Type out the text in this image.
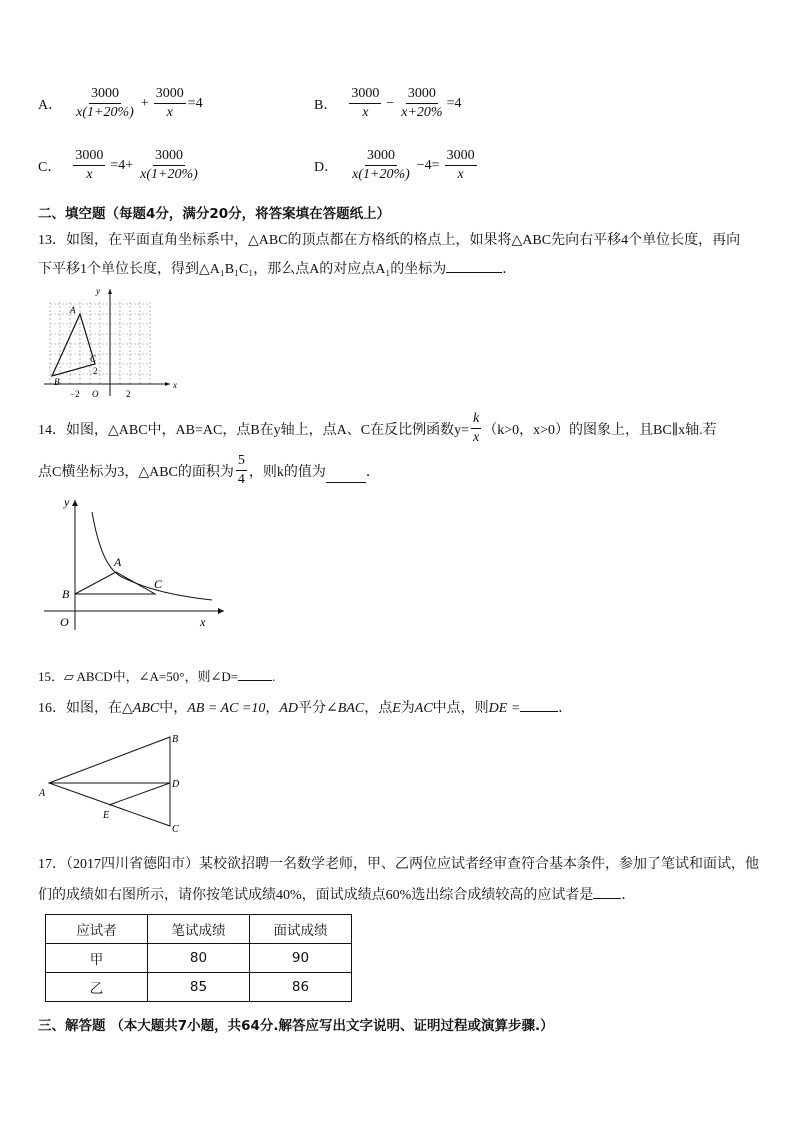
A． $\frac{3000}{x(1+20\%)} + \frac{3000}{x} =4$	B． $\frac{3000}{x} - \frac{3000}{x+20\%} =4$
C． $\frac{3000}{x} =4+ \frac{3000}{x(1+20\%)}$	D． $\frac{3000}{x(1+20\%)} -4= \frac{3000}{x}$
二、填空题（每题4分，满分20分，将答案填在答题纸上）
13．如图，在平面直角坐标系中，△ABC的顶点都在方格纸的格点上，如果将△ABC先向右平移4个单位长度，再向
下平移1个单位长度，得到△A₁B₁C₁，那么点A的对应点A₁的坐标为	．
x
y
A
B
C
2
−2 O	2
14．如图，△ABC中，AB=AC，点B在y轴上，点A、C在反比例函数$y= \frac{k}{x} (k>0$，x>0）的图象上，且BC∥x轴.若
点C横坐标为3，△ABC的面积为 $\frac{5}{4}$ ，则k的值为	．
y
x
O
A
B
C
15．▱ ABCD中，∠A=50°，则∠D=	.
16．如图，在△ABC中，AB = AC =10，AD平分∠BAC，点E为AC中点，则DE =	．
A
B
C
D
E
17．（2017四川省德阳市）某校欲招聘一名数学老师，甲、乙两位应试者经审查符合基本条件，参加了笔试和面试，他
们的成绩如右图所示，请你按笔试成绩40%，面试成绩点60%选出综合成绩较高的应试者是 ．
应试者	笔试成绩	面试成绩
甲	80	90
乙	85	86
三、解答题 （本大题共7小题，共64分.解答应写出文字说明、证明过程或演算步骤.）
